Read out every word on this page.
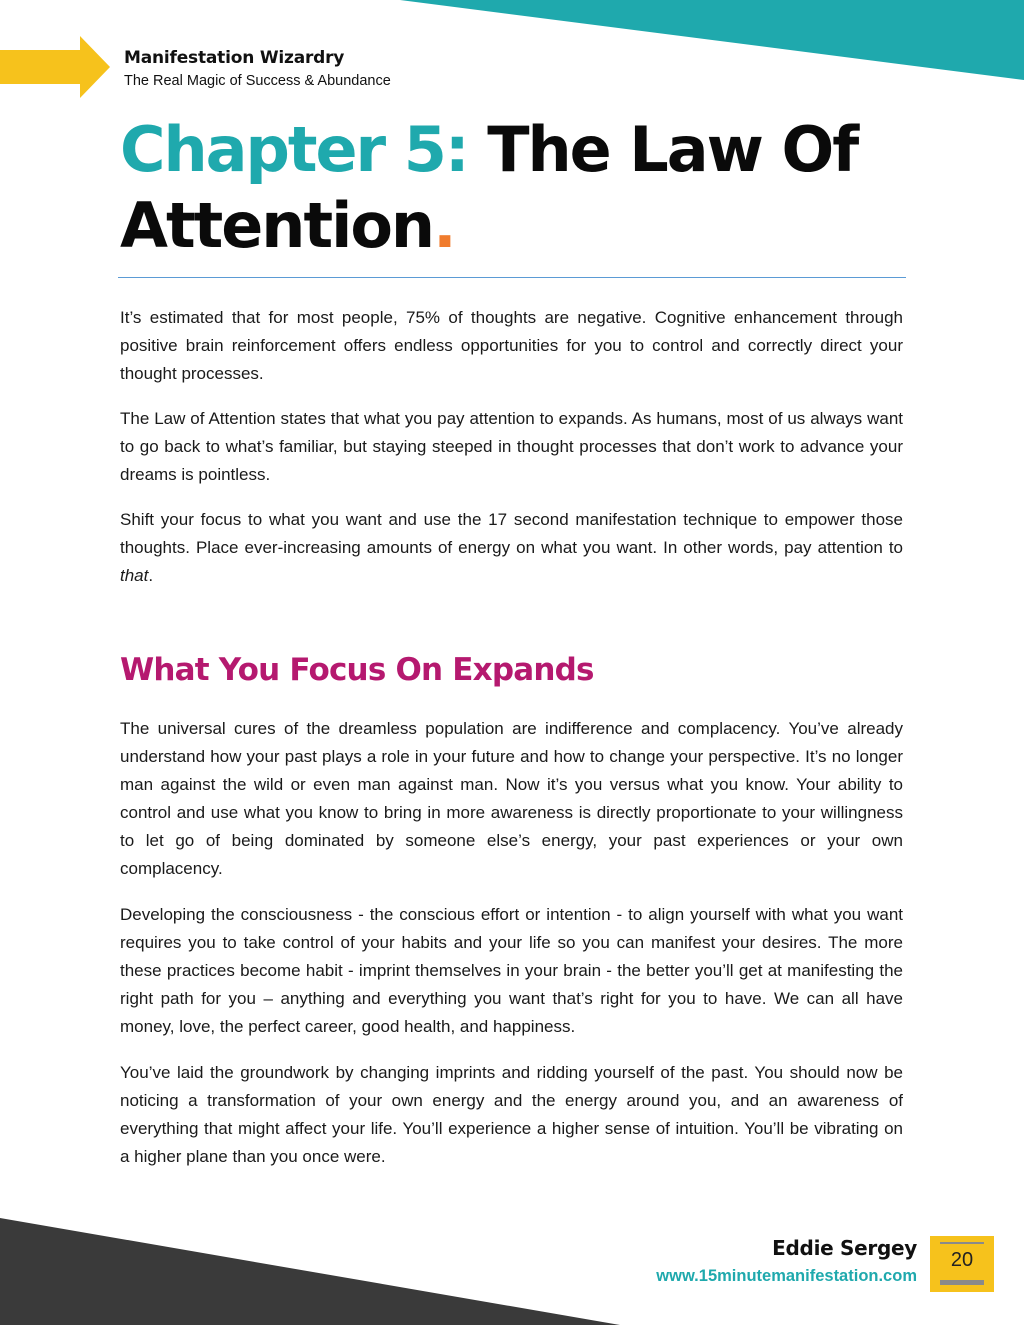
Manifestation Wizardry
The Real Magic of Success & Abundance
Chapter 5: The Law Of Attention.

It’s estimated that for most people, 75% of thoughts are negative. Cognitive enhancement through positive brain reinforcement offers endless opportunities for you to control and correctly direct your thought processes.

The Law of Attention states that what you pay attention to expands. As humans, most of us always want to go back to what’s familiar, but staying steeped in thought processes that don’t work to advance your dreams is pointless.

Shift your focus to what you want and use the 17 second manifestation technique to empower those thoughts. Place ever-increasing amounts of energy on what you want. In other words, pay attention to that.

What You Focus On Expands

The universal cures of the dreamless population are indifference and complacency. You’ve already understand how your past plays a role in your future and how to change your perspective. It’s no longer man against the wild or even man against man. Now it’s you versus what you know. Your ability to control and use what you know to bring in more awareness is directly proportionate to your willingness to let go of being dominated by someone else’s energy, your past experiences or your own complacency.

Developing the consciousness - the conscious effort or intention - to align yourself with what you want requires you to take control of your habits and your life so you can manifest your desires. The more these practices become habit - imprint themselves in your brain - the better you’ll get at manifesting the right path for you – anything and everything you want that’s right for you to have. We can all have money, love, the perfect career, good health, and happiness.

You’ve laid the groundwork by changing imprints and ridding yourself of the past. You should now be noticing a transformation of your own energy and the energy around you, and an awareness of everything that might affect your life. You’ll experience a higher sense of intuition. You’ll be vibrating on a higher plane than you once were.

Eddie Sergey
www.15minutemanifestation.com
20
